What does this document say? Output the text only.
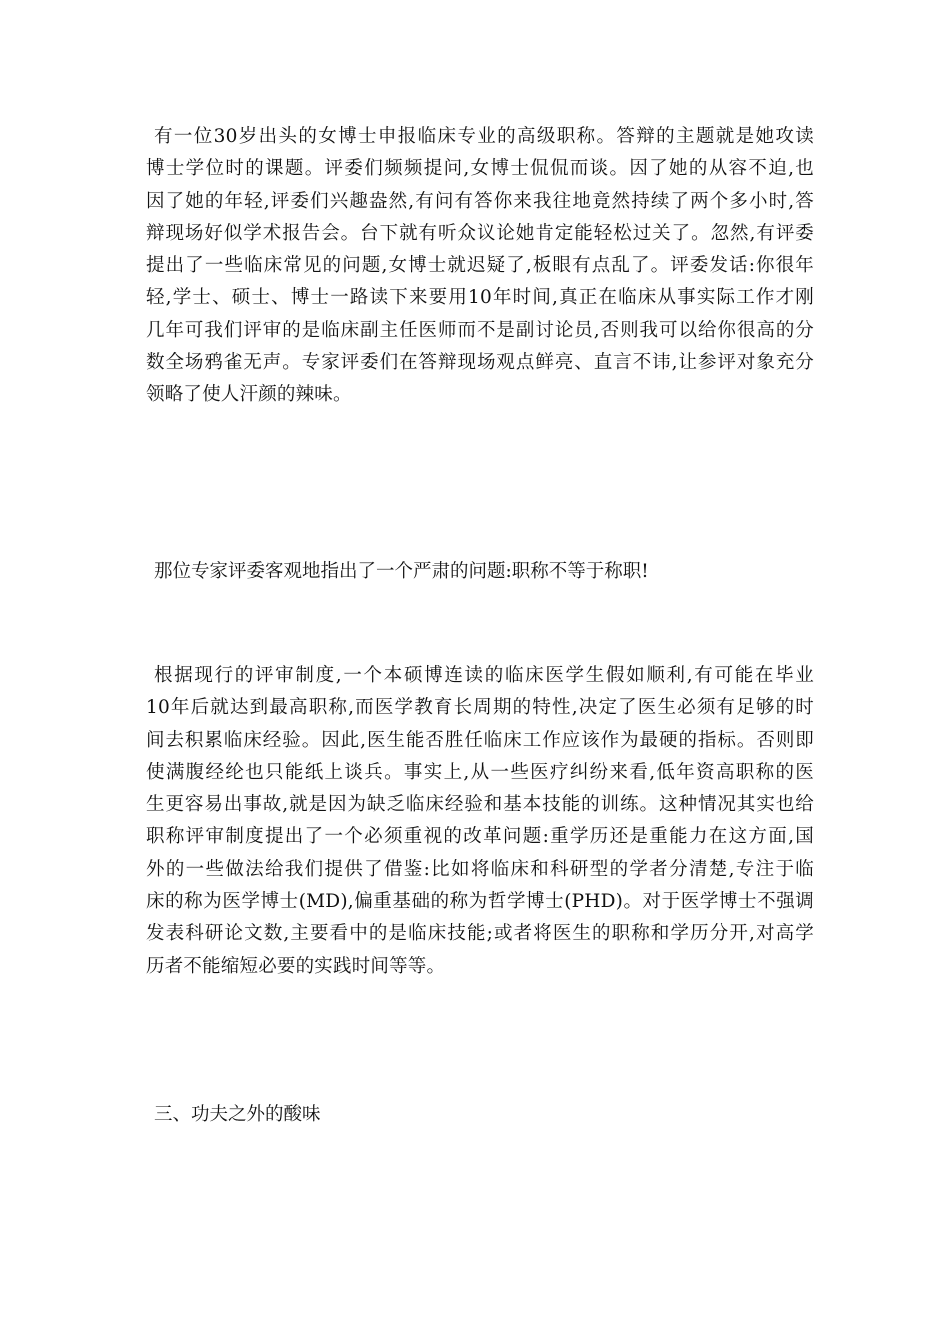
有一位30岁出头的女博士申报临床专业的高级职称。答辩的主题就是她攻读
博士学位时的课题。评委们频频提问,女博士侃侃而谈。因了她的从容不迫,也
因了她的年轻,评委们兴趣盎然,有问有答你来我往地竟然持续了两个多小时,答
辩现场好似学术报告会。台下就有听众议论她肯定能轻松过关了。忽然,有评委
提出了一些临床常见的问题,女博士就迟疑了,板眼有点乱了。评委发话:你很年
轻,学士、硕士、博士一路读下来要用10年时间,真正在临床从事实际工作才刚
几年可我们评审的是临床副主任医师而不是副讨论员,否则我可以给你很高的分
数全场鸦雀无声。专家评委们在答辩现场观点鲜亮、直言不讳,让参评对象充分
领略了使人汗颜的辣味。

那位专家评委客观地指出了一个严肃的问题:职称不等于称职!

根据现行的评审制度,一个本硕博连读的临床医学生假如顺利,有可能在毕业
10年后就达到最高职称,而医学教育长周期的特性,决定了医生必须有足够的时
间去积累临床经验。因此,医生能否胜任临床工作应该作为最硬的指标。否则即
使满腹经纶也只能纸上谈兵。事实上,从一些医疗纠纷来看,低年资高职称的医
生更容易出事故,就是因为缺乏临床经验和基本技能的训练。这种情况其实也给
职称评审制度提出了一个必须重视的改革问题:重学历还是重能力在这方面,国
外的一些做法给我们提供了借鉴:比如将临床和科研型的学者分清楚,专注于临
床的称为医学博士(MD),偏重基础的称为哲学博士(PHD)。对于医学博士不强调
发表科研论文数,主要看中的是临床技能;或者将医生的职称和学历分开,对高学
历者不能缩短必要的实践时间等等。

三、功夫之外的酸味
